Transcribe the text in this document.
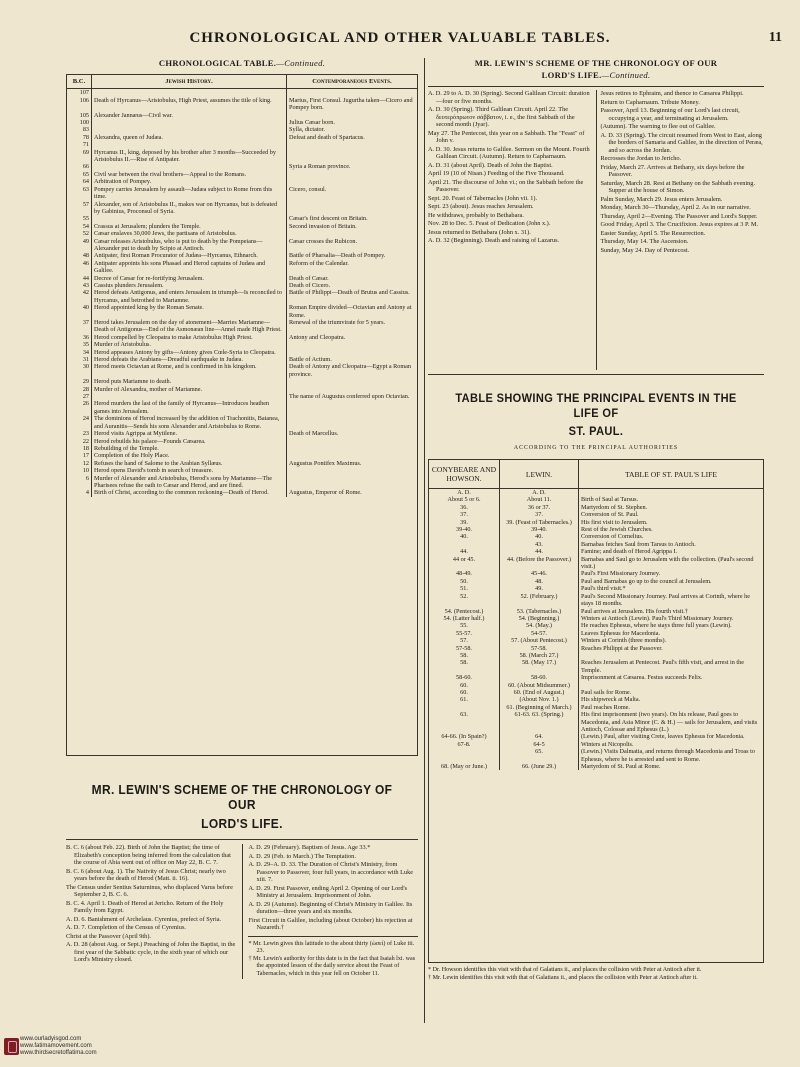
CHRONOLOGICAL AND OTHER VALUABLE TABLES.	11
CHRONOLOGICAL TABLE.—Continued.
B.C.	Jewish History.	Contemporaneous Events.
107		
106	Death of Hyrcanus—Aristobulus, High Priest, assumes the title of king.	Marius, First Consul. Jugurtha taken—Cicero and Pompey born.
105	Alexander Jannæus—Civil war.	
100		Julius Cæsar born.
83		Sylla, dictator.
78	Alexandra, queen of Judæa.	Defeat and death of Spartacus.
71		
69	Hyrcanus II., king, deposed by his brother after 3 months—Succeeded by Aristobulus II.—Rise of Antipater.	
66		Syria a Roman province.
65	Civil war between the rival brothers—Appeal to the Romans.	
64	Arbitration of Pompey.	
63	Pompey carries Jerusalem by assault—Judæa subject to Rome from this time.	Cicero, consul.
57	Alexander, son of Aristobulus II., makes war on Hyrcanus, but is defeated by Gabinius, Proconsul of Syria.	
55		Cæsar's first descent on Britain.
54	Crassus at Jerusalem; plunders the Temple.	Second invasion of Britain.
52	Cæsar enslaves 30,000 Jews, the partisans of Aristobulus.	
49	Cæsar releases Aristobulus, who is put to death by the Pompeians—Alexander put to death by Scipio at Antioch.	Cæsar crosses the Rubicon.
48	Antipater, first Roman Procurator of Judæa—Hyrcanus, Ethnarch.	Battle of Pharsalia—Death of Pompey.
46	Antipater appoints his sons Phasael and Herod captains of Judæa and Galilee.	Reform of the Calendar.
44	Decree of Cæsar for re-fortifying Jerusalem.	Death of Cæsar.
43	Cassius plunders Jerusalem.	Death of Cicero.
42	Herod defeats Antigonus, and enters Jerusalem in triumph—Is reconciled to Hyrcanus, and betrothed to Mariamne.	Battle of Philippi—Death of Brutus and Cassius.
40	Herod appointed king by the Roman Senate.	Roman Empire divided—Octavian and Antony at Rome.
37	Herod takes Jerusalem on the day of atonement—Marries Mariamne—Death of Antigonus—End of the Asmonæan line—Annel made High Priest.	Renewal of the triumvirate for 5 years.
36	Herod compelled by Cleopatra to make Aristobulus High Priest.	Antony and Cleopatra.
35	Murder of Aristobulus.	
34	Herod appeases Antony by gifts—Antony gives Cœle-Syria to Cleopatra.	
31	Herod defeats the Arabians—Dreadful earthquake in Judæa.	Battle of Actium.
30	Herod meets Octavian at Rome, and is confirmed in his kingdom.	Death of Antony and Cleopatra—Egypt a Roman province.
29	Herod puts Mariamne to death.	
28	Murder of Alexandra, mother of Mariamne.	
27		The name of Augustus conferred upon Octavian.
26	Herod murders the last of the family of Hyrcanus—Introduces heathen games into Jerusalem.	
24	The dominions of Herod increased by the addition of Trachonitis, Batanea, and Auranitis—Sends his sons Alexander and Aristobulus to Rome.	
23	Herod visits Agrippa at Mytilene.	Death of Marcellus.
22	Herod rebuilds his palace—Founds Cæsarea.	
18	Rebuilding of the Temple.	
17	Completion of the Holy Place.	
12	Refuses the hand of Salome to the Arabian Syllæus.	Augustus Pontifex Maximus.
10	Herod opens David's tomb in search of treasure.	
6	Murder of Alexander and Aristobulus, Herod's sons by Mariamne—The Pharisees refuse the oath to Cæsar and Herod, and are fined.	
4	Birth of Christ, according to the common reckoning—Death of Herod.	Augustus, Emperor of Rome.
MR. LEWIN'S SCHEME OF THE CHRONOLOGY OF OUR
LORD'S LIFE.

B. C. 6 (about Feb. 22). Birth of John the Baptist; the time of Elizabeth's conception being inferred from the calculation that the course of Abia went out of office on May 22, B. C. 7.

B. C. 6 (about Aug. 1). The Nativity of Jesus Christ; nearly two years before the death of Herod (Matt. ii. 16).

The Census under Sentius Saturninus, who displaced Varus before September 2, B. C. 6.

B. C. 4. April 1. Death of Herod at Jericho. Return of the Holy Family from Egypt.

A. D. 6. Banishment of Archelaus. Cyrenius, prefect of Syria.

A. D. 7. Completion of the Census of Cyrenius.

Christ at the Passover (April 9th).

A. D. 28 (about Aug. or Sept.) Preaching of John the Baptist, in the first year of the Sabbatic cycle, in the sixth year of which our Lord's Ministry closed.

A. D. 29 (February). Baptism of Jesus. Age 33.*

A. D. 29 (Feb. to March.) The Temptation.

A. D. 29–A. D. 33. The Duration of Christ's Ministry, from Passover to Passover, four full years, in accordance with Luke xiii. 7.

A. D. 29. First Passover, ending April 2. Opening of our Lord's Ministry at Jerusalem. Imprisonment of John.

A. D. 29 (Autumn). Beginning of Christ's Ministry in Galilee. Its duration—three years and six months.

First Circuit in Galilee, including (about October) his rejection at Nazareth.†

* Mr. Lewin gives this latitude to the about thirty (ὡσεὶ) of Luke iii. 23.

† Mr. Lewin's authority for this date is in the fact that Isaiah lxi. was the appointed lesson of the daily service about the Feast of Tabernacles, which in this year fell on October 11.

MR. LEWIN'S SCHEME OF THE CHRONOLOGY OF OUR
LORD'S LIFE.—Continued.

A. D. 29 to A. D. 30 (Spring). Second Galilean Circuit: duration—four or five months.

A. D. 30 (Spring). Third Galilean Circuit. April 22. The δευτερόπρωτον σάββατον, i. e., the first Sabbath of the second month (Jyar).

May 27. The Pentecost, this year on a Sabbath. The "Feast" of John v.

A. D. 30. Jesus returns to Galilee. Sermon on the Mount. Fourth Galilean Circuit. (Autumn). Return to Capharnaum.

A. D. 31 (about April). Death of John the Baptist.

April 19 (10 of Nisan.) Feeding of the Five Thousand.

April 21. The discourse of John vi.; on the Sabbath before the Passover.

Sept. 20. Feast of Tabernacles (John vii. 1).

Sept. 23 (about). Jesus reaches Jerusalem.

He withdraws, probably to Bethabara.

Nov. 28 to Dec. 5. Feast of Dedication (John x.).

Jesus returned to Bethabara (John x. 31).

A. D. 32 (Beginning). Death and raising of Lazarus.

Jesus retires to Ephraim, and thence to Cæsarea Philippi.

Return to Capharnaum. Tribute Money.

Passover, April 13. Beginning of our Lord's last circuit, occupying a year, and terminating at Jerusalem.

(Autumn). The warning to flee out of Galilee.

A. D. 33 (Spring). The circuit resumed from West to East, along the borders of Samaria and Galilee, in the direction of Peræa, and so across the Jordan.

Recrosses the Jordan to Jericho.

Friday, March 27. Arrives at Bethany, six days before the Passover.

Saturday, March 28. Rest at Bethany on the Sabbath evening. Supper at the house of Simon.

Palm Sunday, March 29. Jesus enters Jerusalem.

Monday, March 30—Thursday, April 2. As in our narrative.

Thursday, April 2—Evening. The Passover and Lord's Supper.

Good Friday, April 3. The Crucifixion. Jesus expires at 3 P. M.

Easter Sunday, April 5. The Resurrection.

Thursday, May 14. The Ascension.

Sunday, May 24. Day of Pentecost.

TABLE SHOWING THE PRINCIPAL EVENTS IN THE LIFE OF
ST. PAUL.
ACCORDING TO THE PRINCIPAL AUTHORITIES
CONYBEARE AND HOWSON.	LEWIN.	TABLE OF ST. PAUL'S LIFE
A. D.	A. D.	
About 5 or 6.	About 11.	Birth of Saul at Tarsus.
36.	36 or 37.	Martyrdom of St. Stephen.
37.	37.	Conversion of St. Paul.
39.	39. (Feast of Tabernacles.)	His first visit to Jerusalem.
39-40.	39-40.	Rest of the Jewish Churches.
40.	40.	Conversion of Cornelius.
	43.	Barnabas fetches Saul from Tarsus to Antioch.
44.	44.	Famine; and death of Herod Agrippa I.
44 or 45.	44. (Before the Passover.)	Barnabas and Saul go to Jerusalem with the collection. (Paul's second visit.)
48-49.	45-46.	Paul's First Missionary Journey.
50.	48.	Paul and Barnabas go up to the council at Jerusalem.
51.	49.	Paul's third visit.*
52.	52. (February.)	Paul's Second Missionary Journey. Paul arrives at Corinth, where he stays 18 months.
54. (Pentecost.)	53. (Tabernacles.)	Paul arrives at Jerusalem. His fourth visit.†
54. (Latter half.)	54. (Beginning.)	Winters at Antioch (Lewin). Paul's Third Missionary Journey.
55.	54. (May.)	He reaches Ephesus, where he stays three full years (Lewin).
55-57.	54-57.	Leaves Ephesus for Macedonia.
57.	57. (About Pentecost.)	Winters at Corinth (three months).
57-58.	57-58.	Reaches Philippi at the Passover.
58.	58. (March 27.)	
58.	58. (May 17.)	Reaches Jerusalem at Pentecost. Paul's fifth visit, and arrest in the Temple.
58-60.	58-60.	Imprisonment at Cæsarea. Festus succeeds Felix.
60.	60. (About Midsummer.)	
60.	60. (End of August.)	Paul sails for Rome.
61.	(About Nov. 1.)	His shipwreck at Malta.
	61. (Beginning of March.)	Paul reaches Rome.
63.	61-63. 63. (Spring.)	His first imprisonment (two years). On his release, Paul goes to Macedonia, and Asia Minor (C. & H.) — sails for Jerusalem, and visits Antioch, Colossæ and Ephesus (L.)
64-66. (In Spain?)	64.	(Lewin.) Paul, after visiting Crete, leaves Ephesus for Macedonia.
67-8.	64-5	Winters at Nicopolis.
	65.	(Lewin.) Visits Dalmatia, and returns through Macedonia and Troas to Ephesus, where he is arrested and sent to Rome.
68. (May or June.)	66. (June 29.)	Martyrdom of St. Paul at Rome.

* Dr. Howson identifies this visit with that of Galatians ii., and places the collision with Peter at Antioch after it.

† Mr. Lewin identifies this visit with that of Galatians ii., and places the collision with Peter at Antioch after it.

www.ourladyisgod.com
www.fatimamovement.com
www.thirdsecretoffatima.com
